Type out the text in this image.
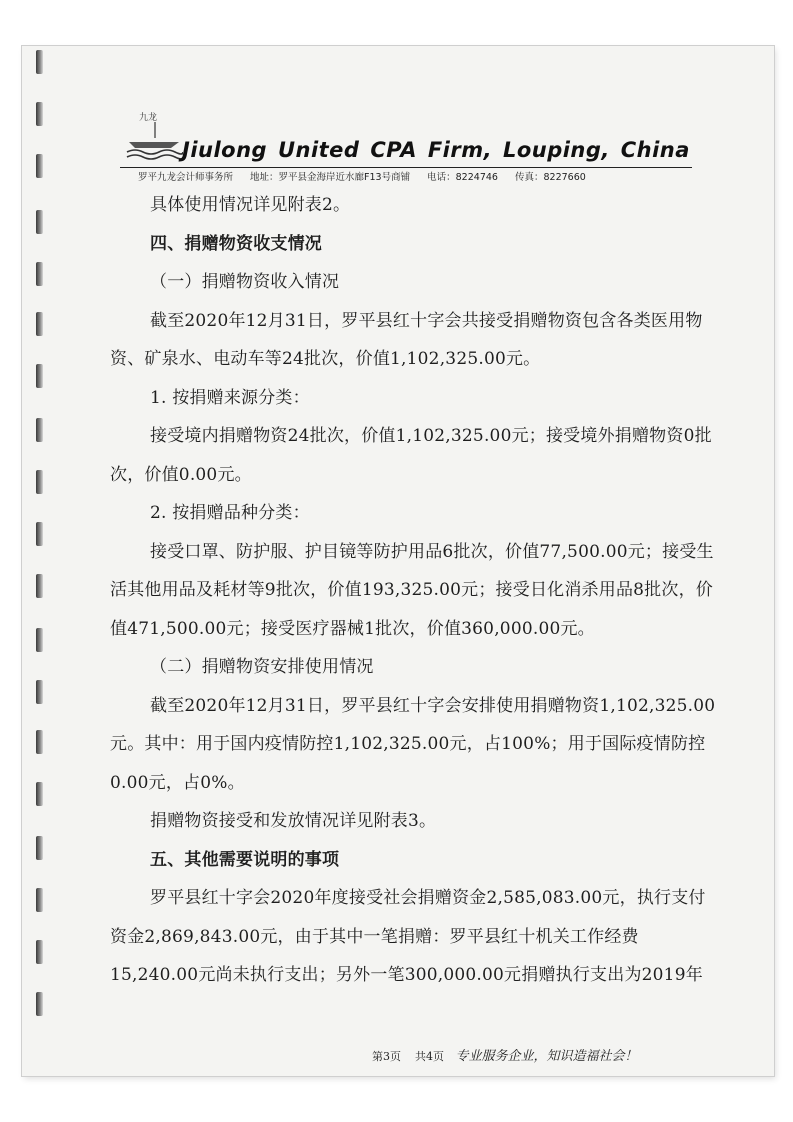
九龙
Jiulong United CPA Firm, Louping, China
罗平九龙会计师事务所 地址：罗平县金海岸近水廊F13号商铺 电话：8224746 传真：8227660

具体使用情况详见附表2。

四、捐赠物资收支情况

（一）捐赠物资收入情况

截至2020年12月31日，罗平县红十字会共接受捐赠物资包含各类医用物资、矿泉水、电动车等24批次，价值1,102,325.00元。

1. 按捐赠来源分类：

接受境内捐赠物资24批次，价值1,102,325.00元；接受境外捐赠物资0批次，价值0.00元。

2. 按捐赠品种分类：

接受口罩、防护服、护目镜等防护用品6批次，价值77,500.00元；接受生活其他用品及耗材等9批次，价值193,325.00元；接受日化消杀用品8批次，价值471,500.00元；接受医疗器械1批次，价值360,000.00元。

（二）捐赠物资安排使用情况

截至2020年12月31日，罗平县红十字会安排使用捐赠物资1,102,325.00元。其中：用于国内疫情防控1,102,325.00元，占100%；用于国际疫情防控0.00元，占0%。

捐赠物资接受和发放情况详见附表3。

五、其他需要说明的事项

罗平县红十字会2020年度接受社会捐赠资金2,585,083.00元，执行支付资金2,869,843.00元，由于其中一笔捐赠：罗平县红十机关工作经费15,240.00元尚未执行支出；另外一笔300,000.00元捐赠执行支出为2019年

第3页 共4页 专业服务企业，知识造福社会！
